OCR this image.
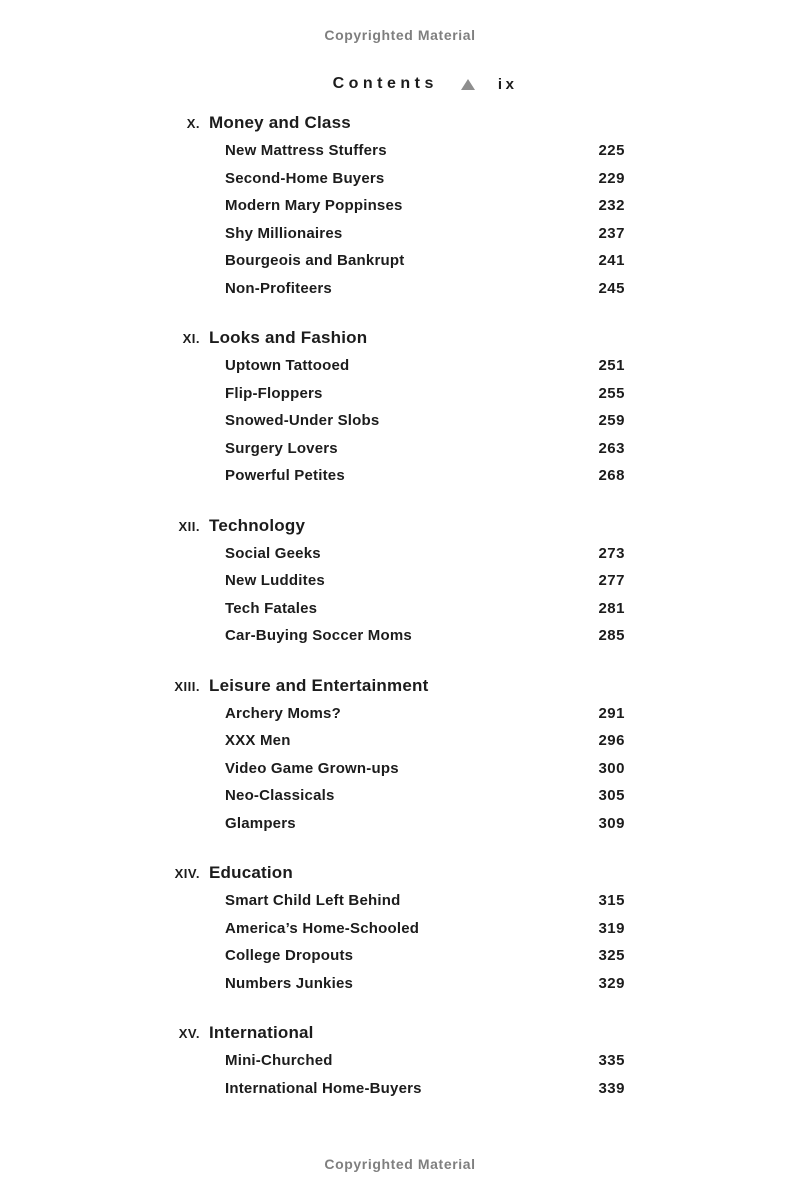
Copyrighted Material
Contents	ix
X. Money and Class
New Mattress Stuffers	225
Second-Home Buyers	229
Modern Mary Poppinses	232
Shy Millionaires	237
Bourgeois and Bankrupt	241
Non-Profiteers	245
XI. Looks and Fashion
Uptown Tattooed	251
Flip-Floppers	255
Snowed-Under Slobs	259
Surgery Lovers	263
Powerful Petites	268
XII. Technology
Social Geeks	273
New Luddites	277
Tech Fatales	281
Car-Buying Soccer Moms	285
XIII. Leisure and Entertainment
Archery Moms?	291
XXX Men	296
Video Game Grown-ups	300
Neo-Classicals	305
Glampers	309
XIV. Education
Smart Child Left Behind	315
America’s Home-Schooled	319
College Dropouts	325
Numbers Junkies	329
XV. International
Mini-Churched	335
International Home-Buyers	339
Copyrighted Material
